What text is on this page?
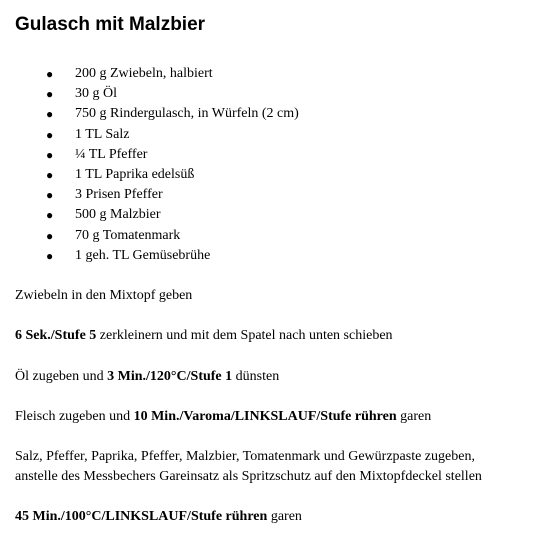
Gulasch mit Malzbier
● 200 g Zwiebeln, halbiert
● 30 g Öl
● 750 g Rindergulasch, in Würfeln (2 cm)
● 1 TL Salz
● ¼ TL Pfeffer
● 1 TL Paprika edelsüß
● 3 Prisen Pfeffer
● 500 g Malzbier
● 70 g Tomatenmark
● 1 geh. TL Gemüsebrühe

Zwiebeln in den Mixtopf geben

6 Sek./Stufe 5 zerkleinern und mit dem Spatel nach unten schieben

Öl zugeben und 3 Min./120°C/Stufe 1 dünsten

Fleisch zugeben und 10 Min./Varoma/LINKSLAUF/Stufe rühren garen

Salz, Pfeffer, Paprika, Pfeffer, Malzbier, Tomatenmark und Gewürzpaste zugeben,
anstelle des Messbechers Gareinsatz als Spritzschutz auf den Mixtopfdeckel stellen

45 Min./100°C/LINKSLAUF/Stufe rühren garen
